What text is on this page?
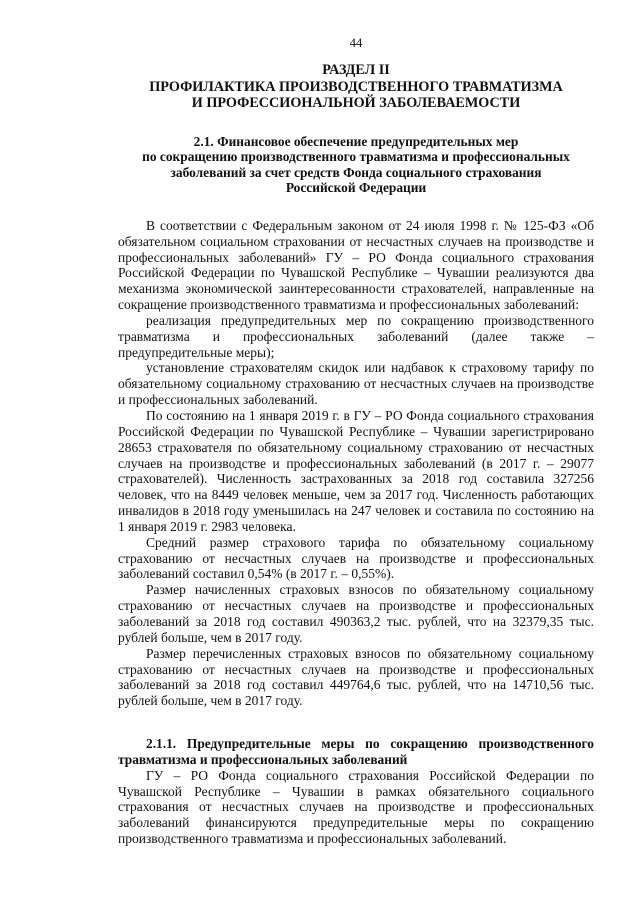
44
РАЗДЕЛ II
ПРОФИЛАКТИКА ПРОИЗВОДСТВЕННОГО ТРАВМАТИЗМА
И ПРОФЕССИОНАЛЬНОЙ ЗАБОЛЕВАЕМОСТИ
2.1. Финансовое обеспечение предупредительных мер
по сокращению производственного травматизма и профессиональных
заболеваний за счет средств Фонда социального страхования
Российской Федерации

В соответствии с Федеральным законом от 24 июля 1998 г. № 125-ФЗ «Об обязательном социальном страховании от несчастных случаев на производстве и профессиональных заболеваний» ГУ – РО Фонда социального страхования Российской Федерации по Чувашской Республике – Чувашии реализуются два механизма экономической заинтересованности страхователей, направленные на сокращение производственного травматизма и профессиональных заболеваний:

реализация предупредительных мер по сокращению производственного травматизма и профессиональных заболеваний (далее также – предупредительные меры);

установление страхователям скидок или надбавок к страховому тарифу по обязательному социальному страхованию от несчастных случаев на производстве и профессиональных заболеваний.

По состоянию на 1 января 2019 г. в ГУ – РО Фонда социального страхования Российской Федерации по Чувашской Республике – Чувашии зарегистрировано 28653 страхователя по обязательному социальному страхованию от несчастных случаев на производстве и профессиональных заболеваний (в 2017 г. – 29077 страхователей). Численность застрахованных за 2018 год составила 327256 человек, что на 8449 человек меньше, чем за 2017 год. Численность работающих инвалидов в 2018 году уменьшилась на 247 человек и составила по состоянию на 1 января 2019 г. 2983 человека.

Средний размер страхового тарифа по обязательному социальному страхованию от несчастных случаев на производстве и профессиональных заболеваний составил 0,54% (в 2017 г. – 0,55%).

Размер начисленных страховых взносов по обязательному социальному страхованию от несчастных случаев на производстве и профессиональных заболеваний за 2018 год составил 490363,2 тыс. рублей, что на 32379,35 тыс. рублей больше, чем в 2017 году.

Размер перечисленных страховых взносов по обязательному социальному страхованию от несчастных случаев на производстве и профессиональных заболеваний за 2018 год составил 449764,6 тыс. рублей, что на 14710,56 тыс. рублей больше, чем в 2017 году.

2.1.1. Предупредительные меры по сокращению производственного травматизма и профессиональных заболеваний

ГУ – РО Фонда социального страхования Российской Федерации по Чувашской Республике – Чувашии в рамках обязательного социального страхования от несчастных случаев на производстве и профессиональных заболеваний финансируются предупредительные меры по сокращению производственного травматизма и профессиональных заболеваний.
